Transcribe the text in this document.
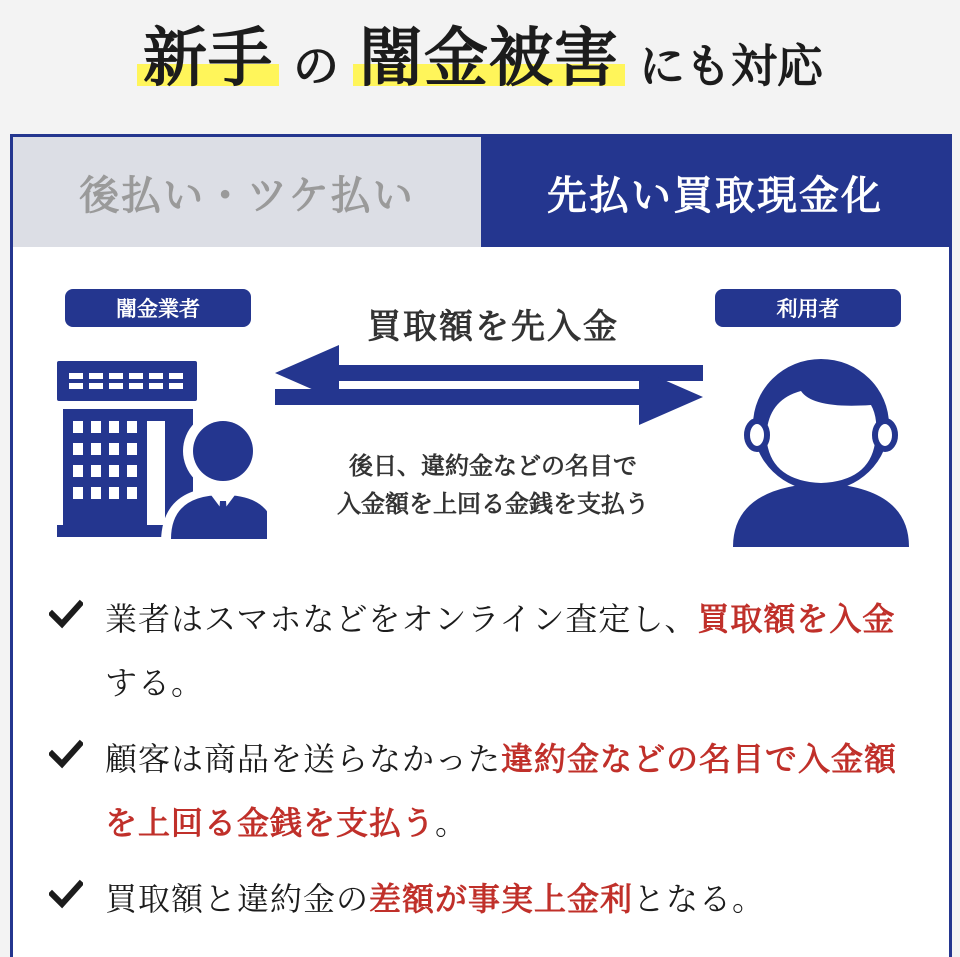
新手 の 闇金被害 にも対応
後払い・ツケ払い	先払い買取現金化
闇金業者	利用者
買取額を先入金
後日、違約金などの名目で
入金額を上回る金銭を支払う
業者はスマホなどをオンライン査定し、買取額を入金する。
顧客は商品を送らなかった違約金などの名目で入金額を上回る金銭を支払う。
買取額と違約金の差額が事実上金利となる。
